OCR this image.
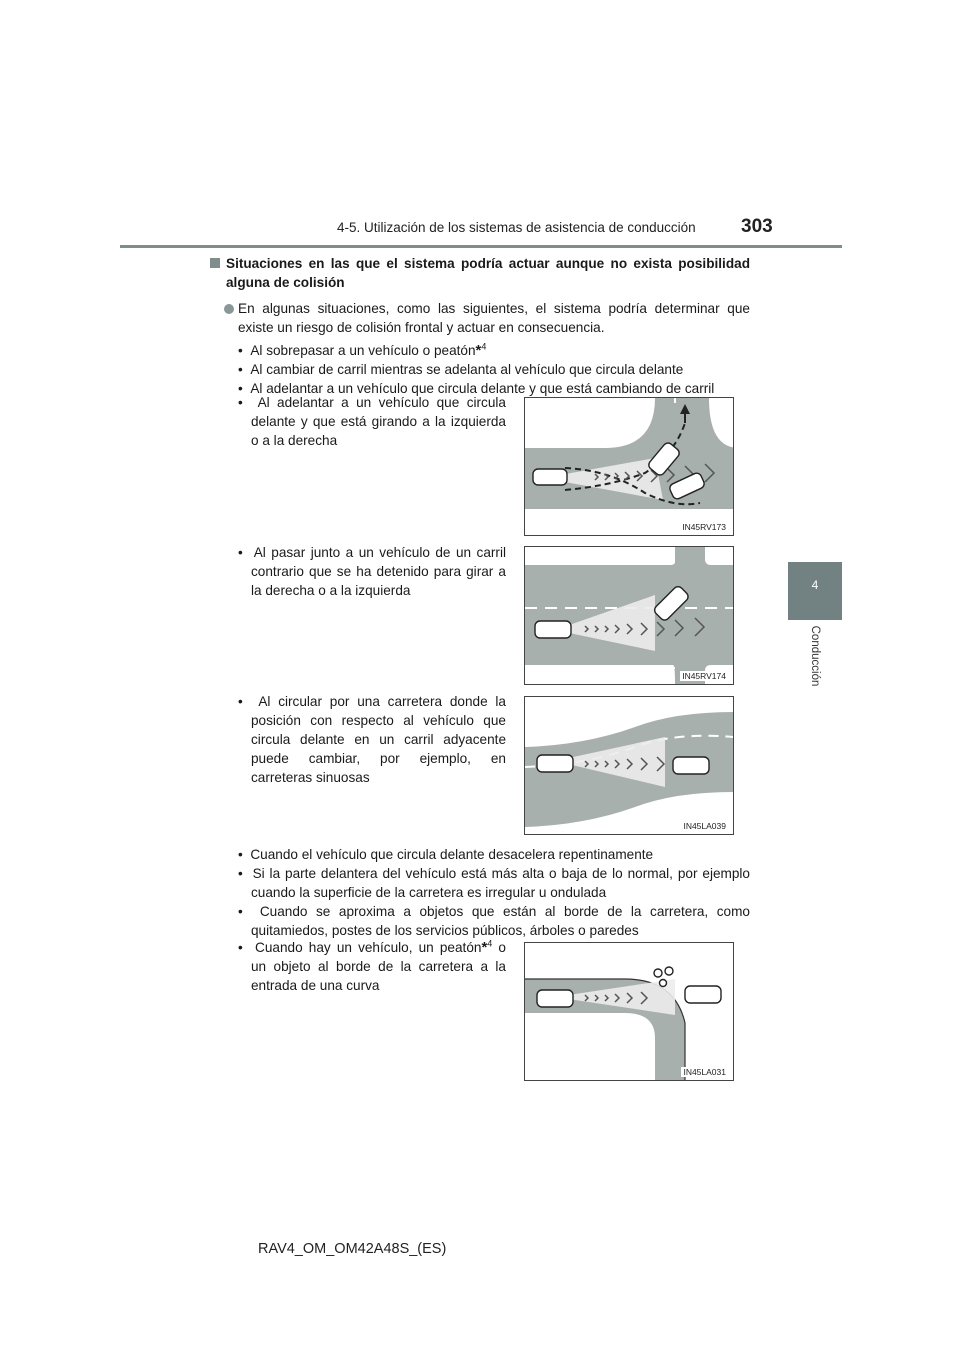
4-5. Utilización de los sistemas de asistencia de conducción 303
4
Conducción
Situaciones en las que el sistema podría actuar aunque no exista posibilidad alguna de colisión
En algunas situaciones, como las siguientes, el sistema podría determinar que existe un riesgo de colisión frontal y actuar en consecuencia.
•  Al sobrepasar a un vehículo o peatón*$^4$
•  Al cambiar de carril mientras se adelanta al vehículo que circula delante
•  Al adelantar a un vehículo que circula delante y que está cambiando de carril
•  Al adelantar a un vehículo que circula delante y que está girando a la izquierda o a la derecha
IN45RV173
•  Al pasar junto a un vehículo de un carril contrario que se ha detenido para girar a la derecha o a la izquierda
IN45RV174
•  Al circular por una carretera donde la posición con respecto al vehículo que circula delante en un carril adyacente puede cambiar, por ejemplo, en carreteras sinuosas
IN45LA039
•  Cuando el vehículo que circula delante desacelera repentinamente
•  Si la parte delantera del vehículo está más alta o baja de lo normal, por ejemplo cuando la superficie de la carretera es irregular u ondulada
•  Cuando se aproxima a objetos que están al borde de la carretera, como quitamiedos, postes de los servicios públicos, árboles o paredes
•  Cuando hay un vehículo, un peatón*$^4$ o un objeto al borde de la carretera a la entrada de una curva
IN45LA031
RAV4_OM_OM42A48S_(ES)
